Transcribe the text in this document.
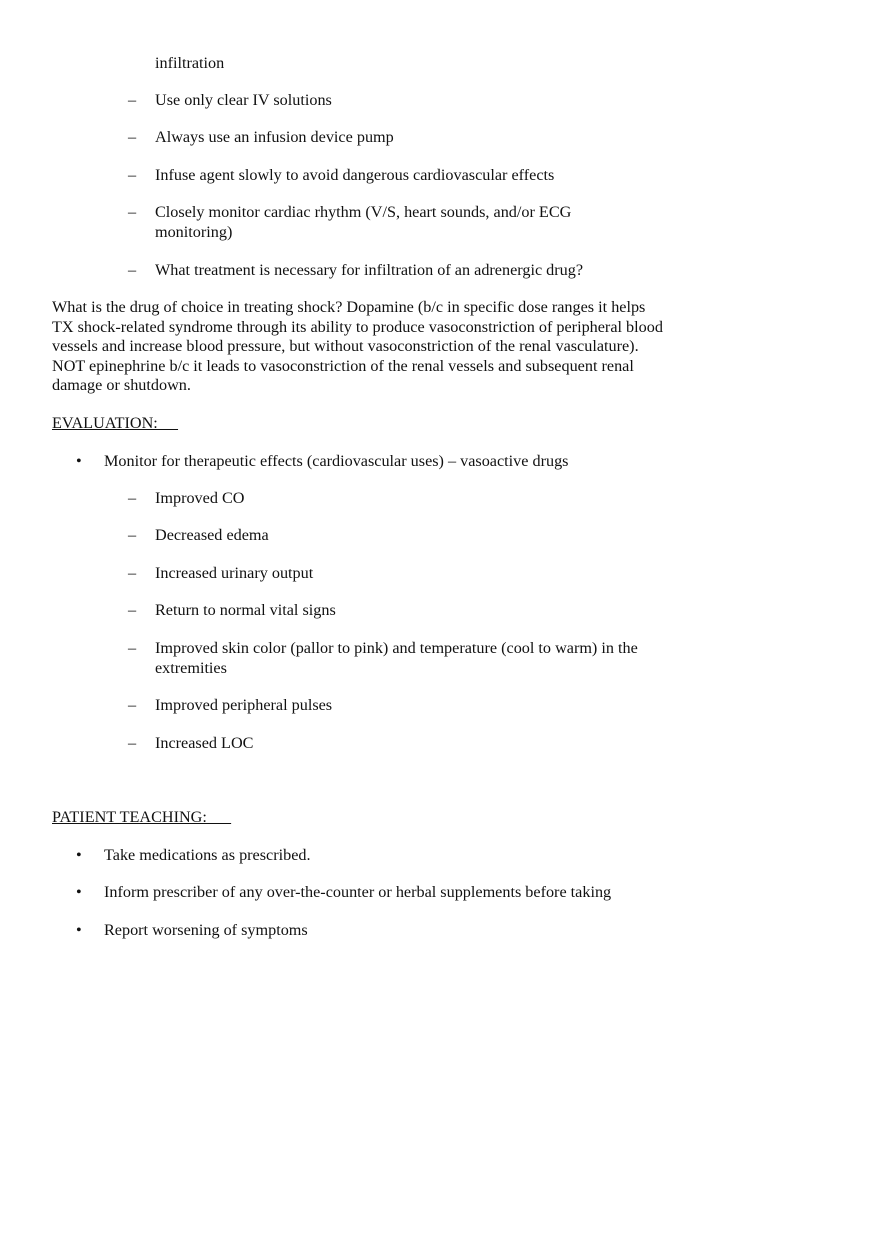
infiltration
– Use only clear IV solutions
– Always use an infusion device pump
– Infuse agent slowly to avoid dangerous cardiovascular effects
– Closely monitor cardiac rhythm (V/S, heart sounds, and/or ECG monitoring)
– What treatment is necessary for infiltration of an adrenergic drug?
What is the drug of choice in treating shock? Dopamine (b/c in specific dose ranges it helps TX shock-related syndrome through its ability to produce vasoconstriction of peripheral blood vessels and increase blood pressure, but without vasoconstriction of the renal vasculature). NOT epinephrine b/c it leads to vasoconstriction of the renal vessels and subsequent renal damage or shutdown.
EVALUATION:
• Monitor for therapeutic effects (cardiovascular uses) – vasoactive drugs
– Improved CO
– Decreased edema
– Increased urinary output
– Return to normal vital signs
– Improved skin color (pallor to pink) and temperature (cool to warm) in the extremities
– Improved peripheral pulses
– Increased LOC
PATIENT TEACHING:
• Take medications as prescribed.
• Inform prescriber of any over-the-counter or herbal supplements before taking
• Report worsening of symptoms
